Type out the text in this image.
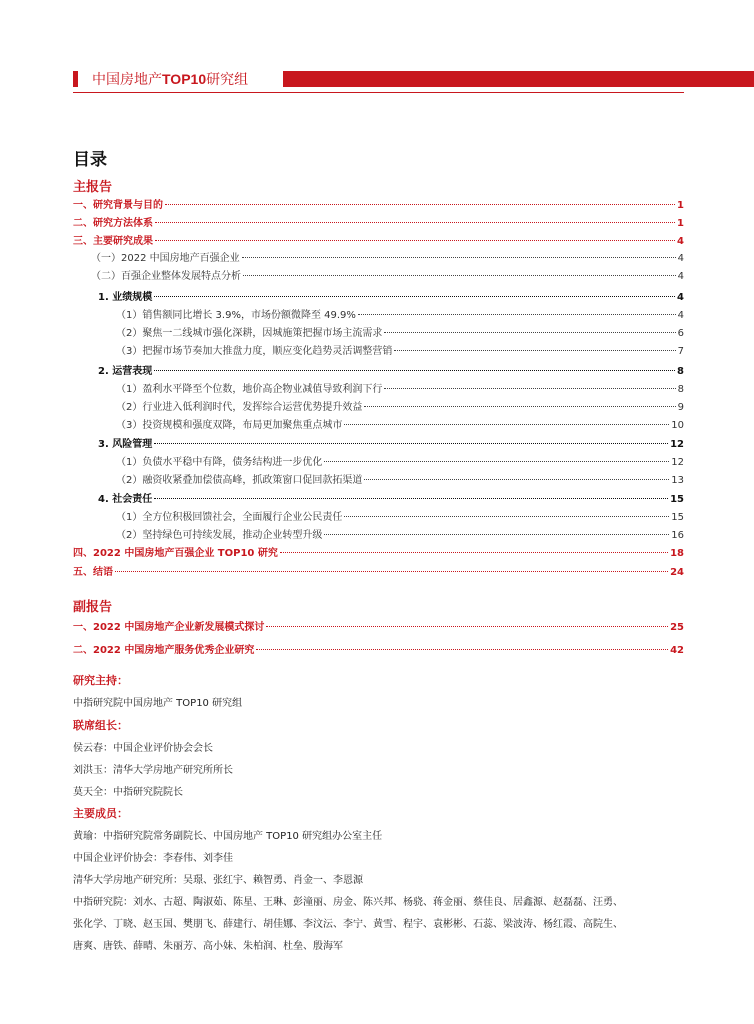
中国房地产TOP10研究组
目录
主报告
一、研究背景与目的	1
二、研究方法体系	1
三、主要研究成果	4
（一）2022 中国房地产百强企业	4
（二）百强企业整体发展特点分析	4
1. 业绩规模	4
（1）销售额同比增长 3.9%，市场份额微降至 49.9%	4
（2）聚焦一二线城市强化深耕，因城施策把握市场主流需求	6
（3）把握市场节奏加大推盘力度，顺应变化趋势灵活调整营销	7
2. 运营表现	8
（1）盈利水平降至个位数，地价高企物业减值导致利润下行	8
（2）行业进入低利润时代，发挥综合运营优势提升效益	9
（3）投资规模和强度双降，布局更加聚焦重点城市	10
3. 风险管理	12
（1）负债水平稳中有降，债务结构进一步优化	12
（2）融资收紧叠加偿债高峰，抓政策窗口促回款拓渠道	13
4. 社会责任	15
（1）全方位积极回馈社会，全面履行企业公民责任	15
（2）坚持绿色可持续发展，推动企业转型升级	16
四、2022 中国房地产百强企业 TOP10 研究	18
五、结语	24
副报告
一、2022 中国房地产企业新发展模式探讨	25
二、2022 中国房地产服务优秀企业研究	42
研究主持：
中指研究院中国房地产 TOP10 研究组
联席组长：
侯云春：中国企业评价协会会长
刘洪玉：清华大学房地产研究所所长
莫天全：中指研究院院长
主要成员：
黄瑜：中指研究院常务副院长、中国房地产 TOP10 研究组办公室主任
中国企业评价协会：李春伟、刘李佳
清华大学房地产研究所：吴璟、张红宇、赖智勇、肖金一、李恩源
中指研究院：刘水、古超、陶淑茹、陈星、王琳、彭潼丽、房金、陈兴邦、杨骁、蒋金丽、蔡佳良、居鑫源、赵磊磊、汪勇、
张化学、丁晓、赵玉国、樊朋飞、薛建行、胡佳娜、李汶沄、李宁、黄雪、程宇、袁彬彬、石蕊、梁波涛、杨红霞、高院生、
唐爽、唐铁、薛晴、朱丽芳、高小妹、朱柏润、杜垒、殷海军
